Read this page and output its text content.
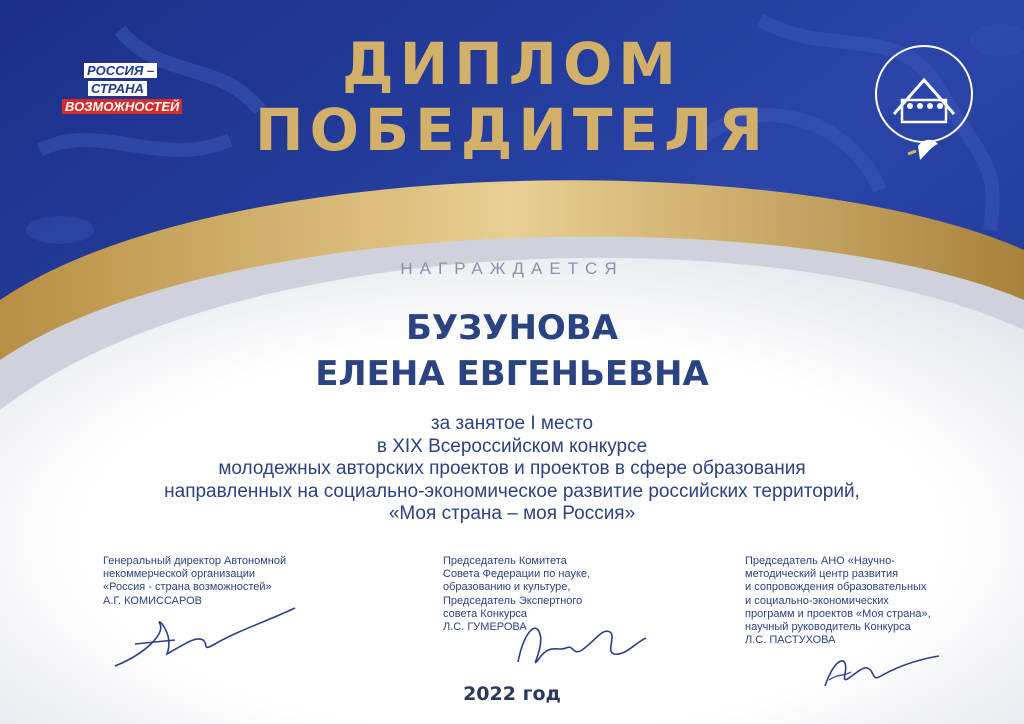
РОССИЯ –
СТРАНА
ВОЗМОЖНОСТЕЙ
ДИПЛОМ
ПОБЕДИТЕЛЯ
НАГРАЖДАЕТСЯ
БУЗУНОВА
ЕЛЕНА ЕВГЕНЬЕВНА
за занятое I место
в XIX Всероссийском конкурсе
молодежных авторских проектов и проектов в сфере образования
направленных на социально-экономическое развитие российских территорий,
«Моя страна – моя Россия»
Генеральный директор Автономной
некоммерческой организации
«Россия - страна возможностей»
А.Г. КОМИССАРОВ
Председатель Комитета
Совета Федерации по науке,
образованию и культуре,
Председатель Экспертного
совета Конкурса
Л.С. ГУМЕРОВА
Председатель АНО «Научно-
методический центр развития
и сопровождения образовательных
и социально-экономических
программ и проектов «Моя страна»,
научный руководитель Конкурса
Л.С. ПАСТУХОВА
2022 год
